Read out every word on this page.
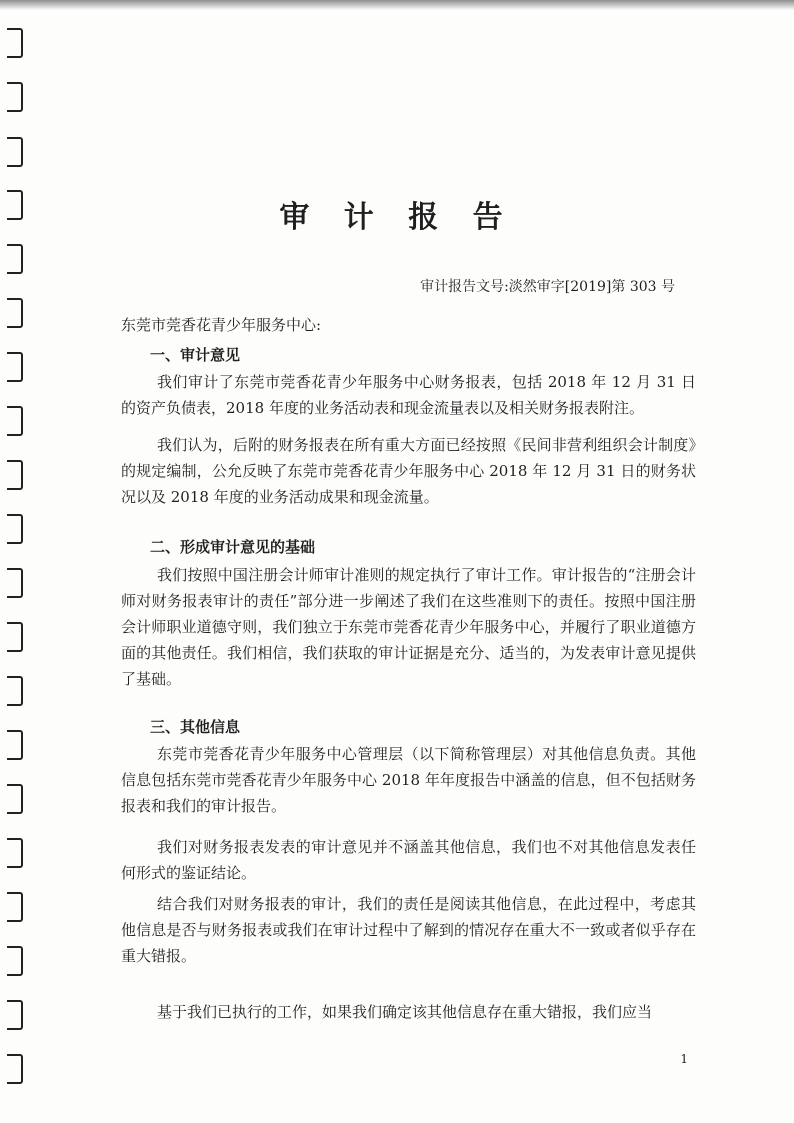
审 计 报 告
审计报告文号:淡然审字[2019]第 303 号
东莞市莞香花青少年服务中心:
一、审计意见

我们审计了东莞市莞香花青少年服务中心财务报表，包括 2018 年 12 月 31 日的资产负债表，2018 年度的业务活动表和现金流量表以及相关财务报表附注。

我们认为，后附的财务报表在所有重大方面已经按照《民间非营利组织会计制度》的规定编制，公允反映了东莞市莞香花青少年服务中心 2018 年 12 月 31 日的财务状况以及 2018 年度的业务活动成果和现金流量。

二、形成审计意见的基础

我们按照中国注册会计师审计准则的规定执行了审计工作。审计报告的“注册会计师对财务报表审计的责任”部分进一步阐述了我们在这些准则下的责任。按照中国注册会计师职业道德守则，我们独立于东莞市莞香花青少年服务中心，并履行了职业道德方面的其他责任。我们相信，我们获取的审计证据是充分、适当的，为发表审计意见提供了基础。

三、其他信息

东莞市莞香花青少年服务中心管理层（以下简称管理层）对其他信息负责。其他信息包括东莞市莞香花青少年服务中心 2018 年年度报告中涵盖的信息，但不包括财务报表和我们的审计报告。

我们对财务报表发表的审计意见并不涵盖其他信息，我们也不对其他信息发表任何形式的鉴证结论。

结合我们对财务报表的审计，我们的责任是阅读其他信息，在此过程中，考虑其他信息是否与财务报表或我们在审计过程中了解到的情况存在重大不一致或者似乎存在重大错报。

基于我们已执行的工作，如果我们确定该其他信息存在重大错报，我们应当

1
